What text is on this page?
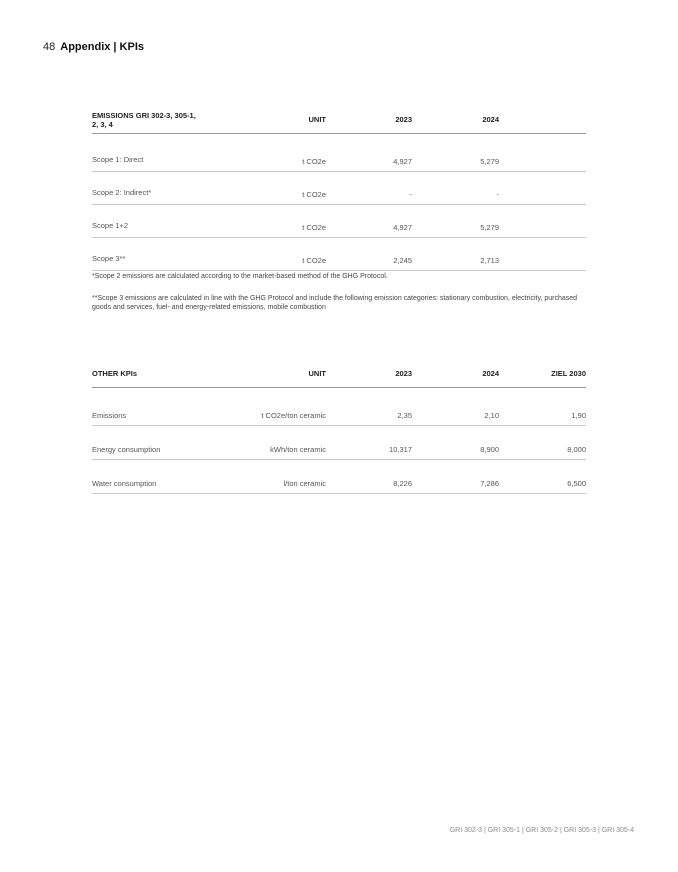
48 Appendix | KPIs
EMISSIONS GRI 302-3, 305-1, 2, 3, 4	UNIT	2023	2024	
Scope 1: Direct	t CO2e	4,927	5,279	
Scope 2: Indirect*	t CO2e	-	-	
Scope 1+2	t CO2e	4,927	5,279	
Scope 3**	t CO2e	2,245	2,713	

*Scope 2 emissions are calculated according to the market-based method of the GHG Protocol.

**Scope 3 emissions are calculated in line with the GHG Protocol and include the following emission categories: stationary combustion, electricity, purchased goods and services, fuel- and energy-related emissions, mobile combustion

OTHER KPIs	UNIT	2023	2024	ZIEL 2030
Emissions	t CO2e/ton ceramic	2,35	2,10	1,90
Energy consumption	kWh/ton ceramic	10,317	8,900	8,000
Water consumption	l/ton ceramic	8,226	7,286	6,500
GRI 302-3 | GRI 305-1 | GRI 305-2 | GRI 305-3 | GRI 305-4
